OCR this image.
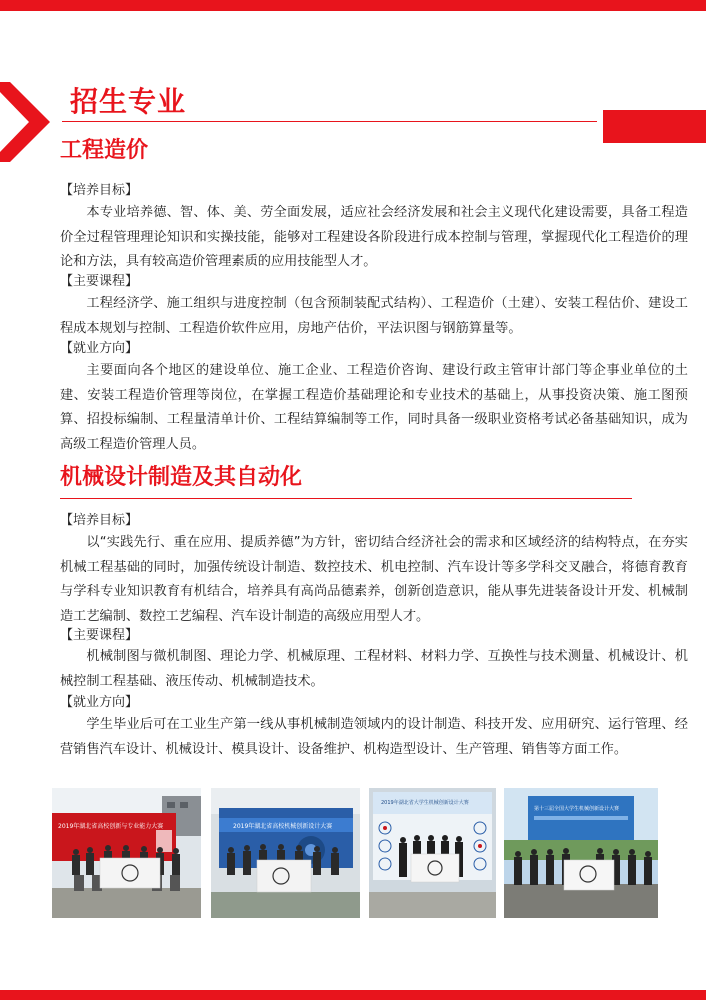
招生专业
工程造价
【培养目标】

本专业培养德、智、体、美、劳全面发展，适应社会经济发展和社会主义现代化建设需要，具备工程造价全过程管理理论知识和实操技能，能够对工程建设各阶段进行成本控制与管理，掌握现代化工程造价的理论和方法，具有较高造价管理素质的应用技能型人才。

【主要课程】

工程经济学、施工组织与进度控制（包含预制装配式结构）、工程造价（土建）、安装工程估价、建设工程成本规划与控制、工程造价软件应用，房地产估价，平法识图与钢筋算量等。

【就业方向】

主要面向各个地区的建设单位、施工企业、工程造价咨询、建设行政主管审计部门等企事业单位的土建、安装工程造价管理等岗位，在掌握工程造价基础理论和专业技术的基础上，从事投资决策、施工图预算、招投标编制、工程量清单计价、工程结算编制等工作，同时具备一级职业资格考试必备基础知识，成为高级工程造价管理人员。

机械设计制造及其自动化
【培养目标】

以“实践先行、重在应用、提质养德”为方针，密切结合经济社会的需求和区域经济的结构特点，在夯实机械工程基础的同时，加强传统设计制造、数控技术、机电控制、汽车设计等多学科交叉融合，将德育教育与学科专业知识教育有机结合，培养具有高尚品德素养，创新创造意识，能从事先进装备设计开发、机械制造工艺编制、数控工艺编程、汽车设计制造的高级应用型人才。

【主要课程】

机械制图与微机制图、理论力学、机械原理、工程材料、材料力学、互换性与技术测量、机械设计、机械控制工程基础、液压传动、机械制造技术。

【就业方向】

学生毕业后可在工业生产第一线从事机械制造领域内的设计制造、科技开发、应用研究、运行管理、经营销售汽车设计、机械设计、模具设计、设备维护、机构造型设计、生产管理、销售等方面工作。

2019年湖北省高校创新与专业能力大赛	2019年湖北省高校机械创新设计大赛
2019年湖北省大学生机械创新设计大赛
第十三届全国大学生机械创新设计大赛
